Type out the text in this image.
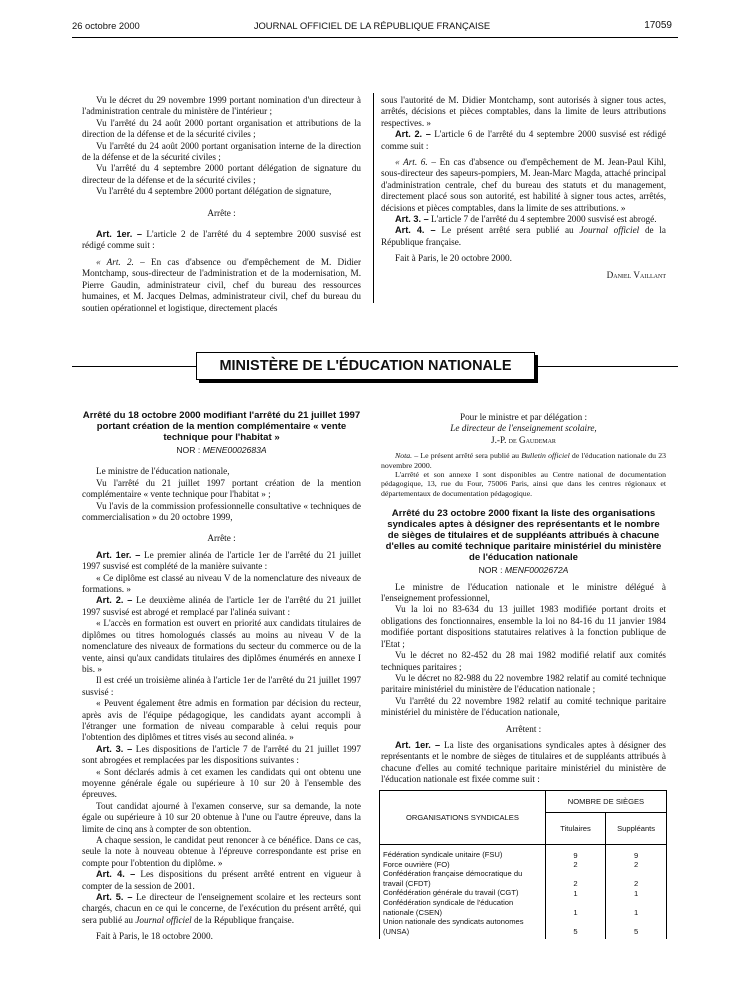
26 octobre 2000	JOURNAL OFFICIEL DE LA RÉPUBLIQUE FRANÇAISE	17059

Vu le décret du 29 novembre 1999 portant nomination d'un directeur à l'administration centrale du ministère de l'intérieur ;

Vu l'arrêté du 24 août 2000 portant organisation et attributions de la direction de la défense et de la sécurité civiles ;

Vu l'arrêté du 24 août 2000 portant organisation interne de la direction de la défense et de la sécurité civiles ;

Vu l'arrêté du 4 septembre 2000 portant délégation de signature du directeur de la défense et de la sécurité civiles ;

Vu l'arrêté du 4 septembre 2000 portant délégation de signature,

Arrête :

Art. 1er. – L'article 2 de l'arrêté du 4 septembre 2000 susvisé est rédigé comme suit :

« Art. 2. – En cas d'absence ou d'empêchement de M. Didier Montchamp, sous-directeur de l'administration et de la modernisation, M. Pierre Gaudin, administrateur civil, chef du bureau des ressources humaines, et M. Jacques Delmas, administrateur civil, chef du bureau du soutien opérationnel et logistique, directement placés

sous l'autorité de M. Didier Montchamp, sont autorisés à signer tous actes, arrêtés, décisions et pièces comptables, dans la limite de leurs attributions respectives. »

Art. 2. – L'article 6 de l'arrêté du 4 septembre 2000 susvisé est rédigé comme suit :

« Art. 6. – En cas d'absence ou d'empêchement de M. Jean-Paul Kihl, sous-directeur des sapeurs-pompiers, M. Jean-Marc Magda, attaché principal d'administration centrale, chef du bureau des statuts et du management, directement placé sous son autorité, est habilité à signer tous actes, arrêtés, décisions et pièces comptables, dans la limite de ses attributions. »

Art. 3. – L'article 7 de l'arrêté du 4 septembre 2000 susvisé est abrogé.

Art. 4. – Le présent arrêté sera publié au Journal officiel de la République française.

Fait à Paris, le 20 octobre 2000.

Daniel Vaillant

MINISTÈRE DE L'ÉDUCATION NATIONALE
Arrêté du 18 octobre 2000 modifiant l'arrêté du 21 juillet 1997 portant création de la mention complémentaire « vente technique pour l'habitat »
NOR : MENE0002683A

Le ministre de l'éducation nationale,

Vu l'arrêté du 21 juillet 1997 portant création de la mention complémentaire « vente technique pour l'habitat » ;

Vu l'avis de la commission professionnelle consultative « techniques de commercialisation » du 20 octobre 1999,

Arrête :

Art. 1er. – Le premier alinéa de l'article 1er de l'arrêté du 21 juillet 1997 susvisé est complété de la manière suivante :

« Ce diplôme est classé au niveau V de la nomenclature des niveaux de formations. »

Art. 2. – Le deuxième alinéa de l'article 1er de l'arrêté du 21 juillet 1997 susvisé est abrogé et remplacé par l'alinéa suivant :

« L'accès en formation est ouvert en priorité aux candidats titulaires de diplômes ou titres homologués classés au moins au niveau V de la nomenclature des niveaux de formations du secteur du commerce ou de la vente, ainsi qu'aux candidats titulaires des diplômes énumérés en annexe I bis. »

Il est créé un troisième alinéa à l'article 1er de l'arrêté du 21 juillet 1997 susvisé :

« Peuvent également être admis en formation par décision du recteur, après avis de l'équipe pédagogique, les candidats ayant accompli à l'étranger une formation de niveau comparable à celui requis pour l'obtention des diplômes et titres visés au second alinéa. »

Art. 3. – Les dispositions de l'article 7 de l'arrêté du 21 juillet 1997 sont abrogées et remplacées par les dispositions suivantes :

« Sont déclarés admis à cet examen les candidats qui ont obtenu une moyenne générale égale ou supérieure à 10 sur 20 à l'ensemble des épreuves.

Tout candidat ajourné à l'examen conserve, sur sa demande, la note égale ou supérieure à 10 sur 20 obtenue à l'une ou l'autre épreuve, dans la limite de cinq ans à compter de son obtention.

A chaque session, le candidat peut renoncer à ce bénéfice. Dans ce cas, seule la note à nouveau obtenue à l'épreuve correspondante est prise en compte pour l'obtention du diplôme. »

Art. 4. – Les dispositions du présent arrêté entrent en vigueur à compter de la session de 2001.

Art. 5. – Le directeur de l'enseignement scolaire et les recteurs sont chargés, chacun en ce qui le concerne, de l'exécution du présent arrêté, qui sera publié au Journal officiel de la République française.

Fait à Paris, le 18 octobre 2000.

Pour le ministre et par délégation :

Le directeur de l'enseignement scolaire,

J.-P. de Gaudemar

Nota. – Le présent arrêté sera publié au Bulletin officiel de l'éducation nationale du 23 novembre 2000.

L'arrêté et son annexe I sont disponibles au Centre national de documentation pédagogique, 13, rue du Four, 75006 Paris, ainsi que dans les centres régionaux et départementaux de documentation pédagogique.

Arrêté du 23 octobre 2000 fixant la liste des organisations syndicales aptes à désigner des représentants et le nombre de sièges de titulaires et de suppléants attribués à chacune d'elles au comité technique paritaire ministériel du ministère de l'éducation nationale
NOR : MENF0002672A

Le ministre de l'éducation nationale et le ministre délégué à l'enseignement professionnel,

Vu la loi no 83-634 du 13 juillet 1983 modifiée portant droits et obligations des fonctionnaires, ensemble la loi no 84-16 du 11 janvier 1984 modifiée portant dispositions statutaires relatives à la fonction publique de l'Etat ;

Vu le décret no 82-452 du 28 mai 1982 modifié relatif aux comités techniques paritaires ;

Vu le décret no 82-988 du 22 novembre 1982 relatif au comité technique paritaire ministériel du ministère de l'éducation nationale ;

Vu l'arrêté du 22 novembre 1982 relatif au comité technique paritaire ministériel du ministère de l'éducation nationale,

Arrêtent :

Art. 1er. – La liste des organisations syndicales aptes à désigner des représentants et le nombre de sièges de titulaires et de suppléants attribués à chacune d'elles au comité technique paritaire ministériel du ministère de l'éducation nationale est fixée comme suit :

ORGANISATIONS SYNDICALES	NOMBRE DE SIÈGES	
	Titulaires	Suppléants
Fédération syndicale unitaire (FSU)	9	9
Force ouvrière (FO)	2	2
Confédération française démocratique du travail (CFDT)	2	2
Confédération générale du travail (CGT)	1	1
Confédération syndicale de l'éducation nationale (CSEN)	1	1
Union nationale des syndicats autonomes (UNSA)	5	5
